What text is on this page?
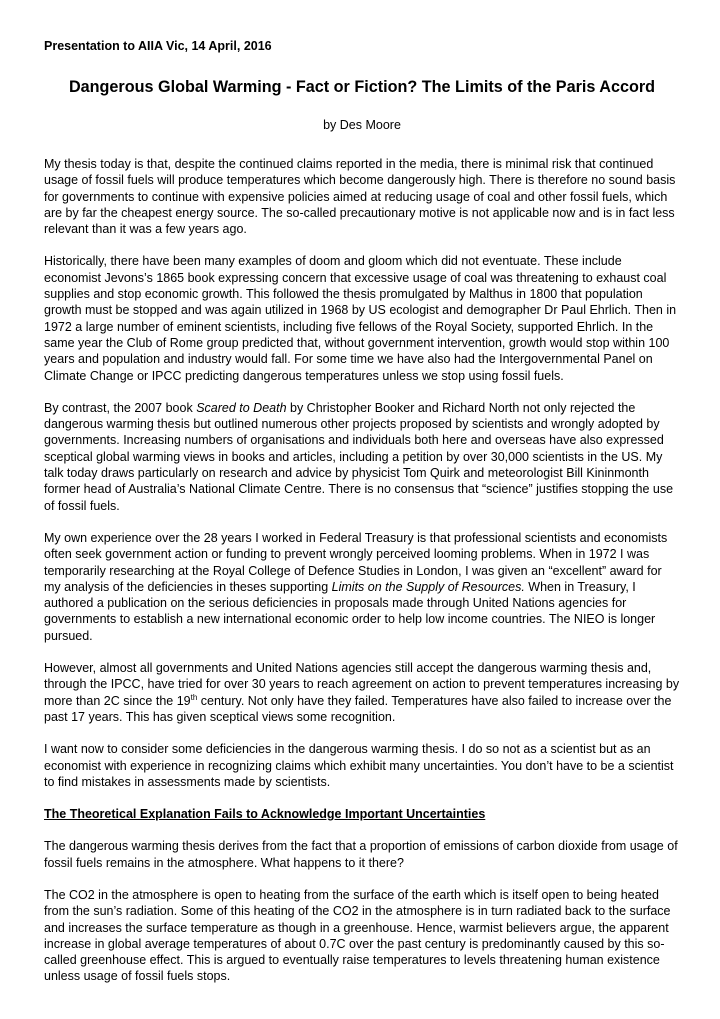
Presentation to AIIA Vic, 14 April, 2016
Dangerous Global Warming - Fact or Fiction? The Limits of the Paris Accord
by Des Moore

My thesis today is that, despite the continued claims reported in the media, there is minimal risk that continued usage of fossil fuels will produce temperatures which become dangerously high. There is therefore no sound basis for governments to continue with expensive policies aimed at reducing usage of coal and other fossil fuels, which are by far the cheapest energy source. The so-called precautionary motive is not applicable now and is in fact less relevant than it was a few years ago.

Historically, there have been many examples of doom and gloom which did not eventuate. These include economist Jevons’s 1865 book expressing concern that excessive usage of coal was threatening to exhaust coal supplies and stop economic growth. This followed the thesis promulgated by Malthus in 1800 that population growth must be stopped and was again utilized in 1968 by US ecologist and demographer Dr Paul Ehrlich. Then in 1972 a large number of eminent scientists, including five fellows of the Royal Society, supported Ehrlich. In the same year the Club of Rome group predicted that, without government intervention, growth would stop within 100 years and population and industry would fall. For some time we have also had the Intergovernmental Panel on Climate Change or IPCC predicting dangerous temperatures unless we stop using fossil fuels.

By contrast, the 2007 book Scared to Death by Christopher Booker and Richard North not only rejected the dangerous warming thesis but outlined numerous other projects proposed by scientists and wrongly adopted by governments. Increasing numbers of organisations and individuals both here and overseas have also expressed sceptical global warming views in books and articles, including a petition by over 30,000 scientists in the US. My talk today draws particularly on research and advice by physicist Tom Quirk and meteorologist Bill Kininmonth former head of Australia’s National Climate Centre. There is no consensus that “science” justifies stopping the use of fossil fuels.

My own experience over the 28 years I worked in Federal Treasury is that professional scientists and economists often seek government action or funding to prevent wrongly perceived looming problems. When in 1972 I was temporarily researching at the Royal College of Defence Studies in London, I was given an “excellent” award for my analysis of the deficiencies in theses supporting Limits on the Supply of Resources. When in Treasury, I authored a publication on the serious deficiencies in proposals made through United Nations agencies for governments to establish a new international economic order to help low income countries. The NIEO is longer pursued.

However, almost all governments and United Nations agencies still accept the dangerous warming thesis and, through the IPCC, have tried for over 30 years to reach agreement on action to prevent temperatures increasing by more than 2C since the 19th century. Not only have they failed. Temperatures have also failed to increase over the past 17 years. This has given sceptical views some recognition.

I want now to consider some deficiencies in the dangerous warming thesis. I do so not as a scientist but as an economist with experience in recognizing claims which exhibit many uncertainties. You don’t have to be a scientist to find mistakes in assessments made by scientists.

The Theoretical Explanation Fails to Acknowledge Important Uncertainties

The dangerous warming thesis derives from the fact that a proportion of emissions of carbon dioxide from usage of fossil fuels remains in the atmosphere. What happens to it there?

The CO2 in the atmosphere is open to heating from the surface of the earth which is itself open to being heated from the sun’s radiation. Some of this heating of the CO2 in the atmosphere is in turn radiated back to the surface and increases the surface temperature as though in a greenhouse. Hence, warmist believers argue, the apparent increase in global average temperatures of about 0.7C over the past century is predominantly caused by this so-called greenhouse effect. This is argued to eventually raise temperatures to levels threatening human existence unless usage of fossil fuels stops.
